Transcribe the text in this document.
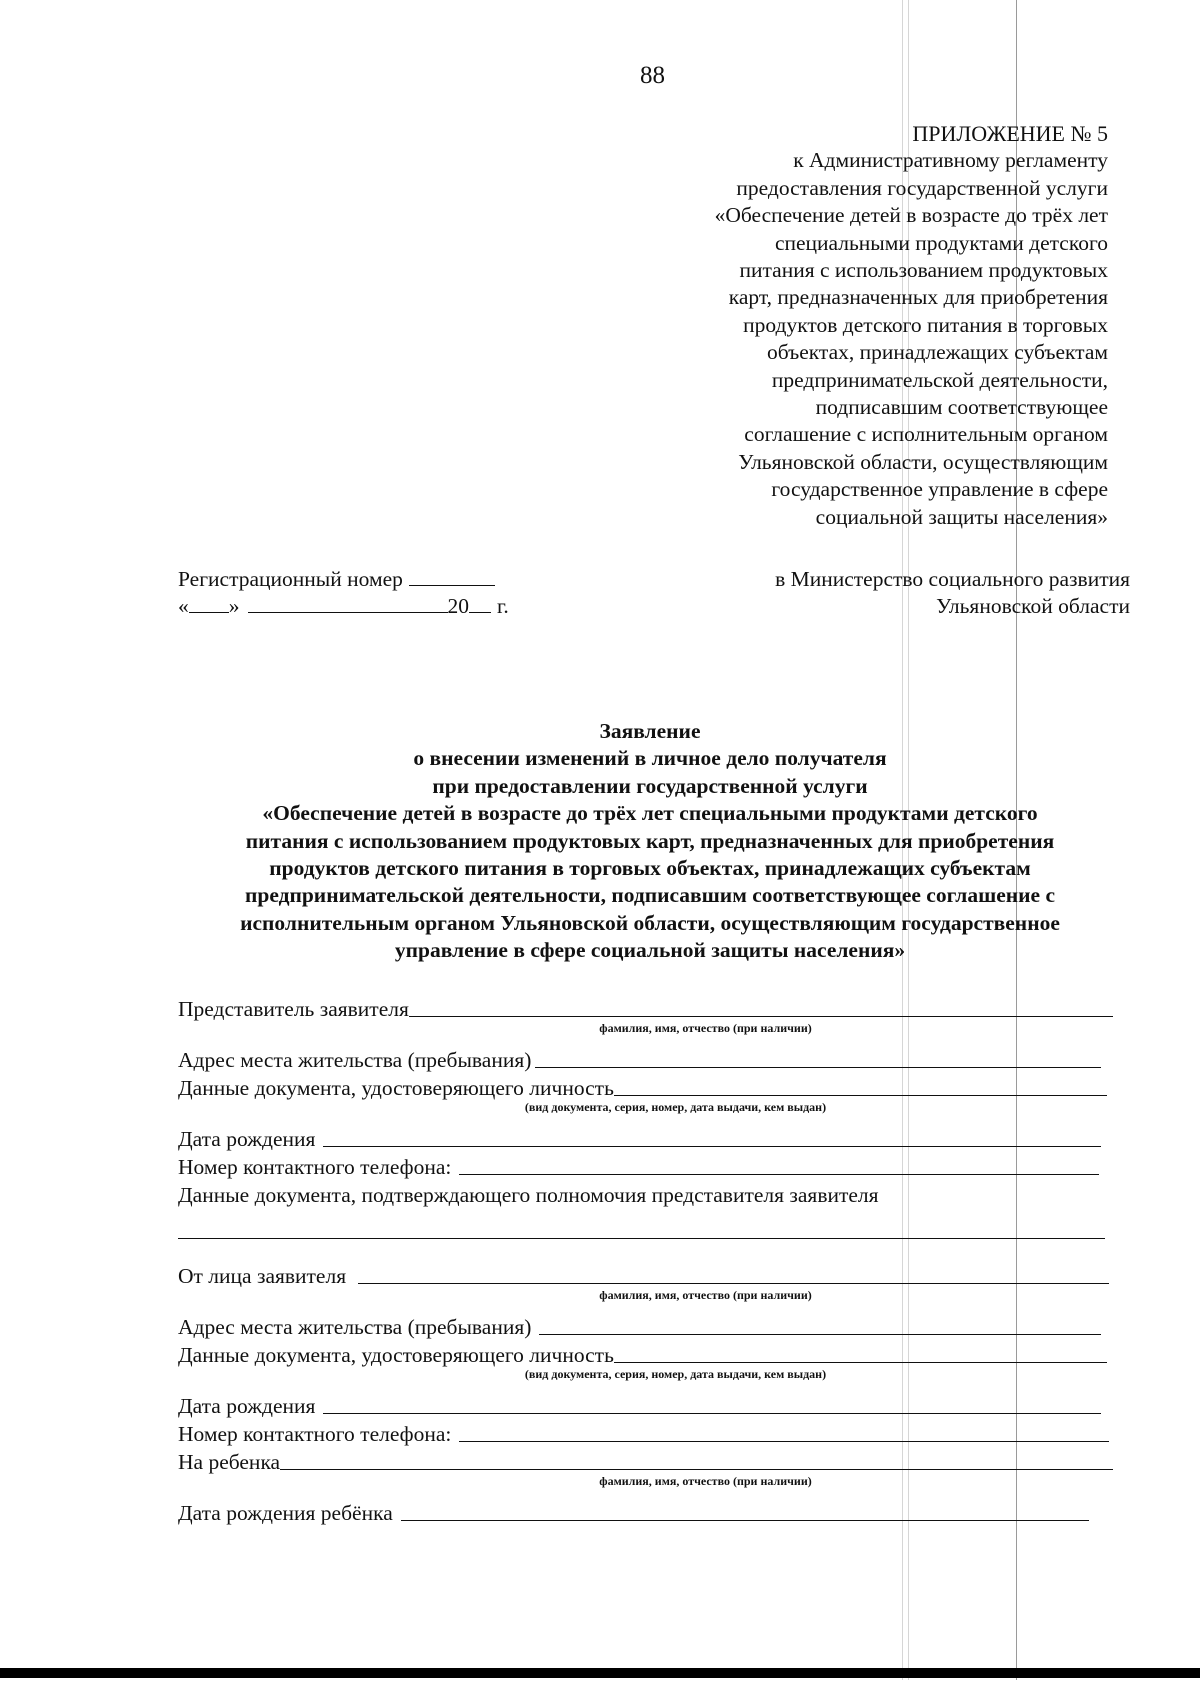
88
ПРИЛОЖЕНИЕ № 5
к Административному регламенту
предоставления государственной услуги
«Обеспечение детей в возрасте до трёх лет
специальными продуктами детского
питания с использованием продуктовых
карт, предназначенных для приобретения
продуктов детского питания в торговых
объектах, принадлежащих субъектам
предпринимательской деятельности,
подписавшим соответствующее
соглашение с исполнительным органом
Ульяновской области, осуществляющим
государственное управление в сфере
социальной защиты населения»
Регистрационный номер
« »	20 г.
в Министерство социального развития
Ульяновской области
Заявление
о внесении изменений в личное дело получателя
при предоставлении государственной услуги
«Обеспечение детей в возрасте до трёх лет специальными продуктами детского
питания с использованием продуктовых карт, предназначенных для приобретения
продуктов детского питания в торговых объектах, принадлежащих субъектам
предпринимательской деятельности, подписавшим соответствующее соглашение с
исполнительным органом Ульяновской области, осуществляющим государственное
управление в сфере социальной защиты населения»
Представитель заявителя
фамилия, имя, отчество (при наличии)
Адрес места жительства (пребывания)
Данные документа, удостоверяющего личность
(вид документа, серия, номер, дата выдачи, кем выдан)
Дата рождения
Номер контактного телефона:
Данные документа, подтверждающего полномочия представителя заявителя
От лица заявителя
фамилия, имя, отчество (при наличии)
Адрес места жительства (пребывания)
Данные документа, удостоверяющего личность
(вид документа, серия, номер, дата выдачи, кем выдан)
Дата рождения
Номер контактного телефона:
На ребенка
фамилия, имя, отчество (при наличии)
Дата рождения ребёнка
